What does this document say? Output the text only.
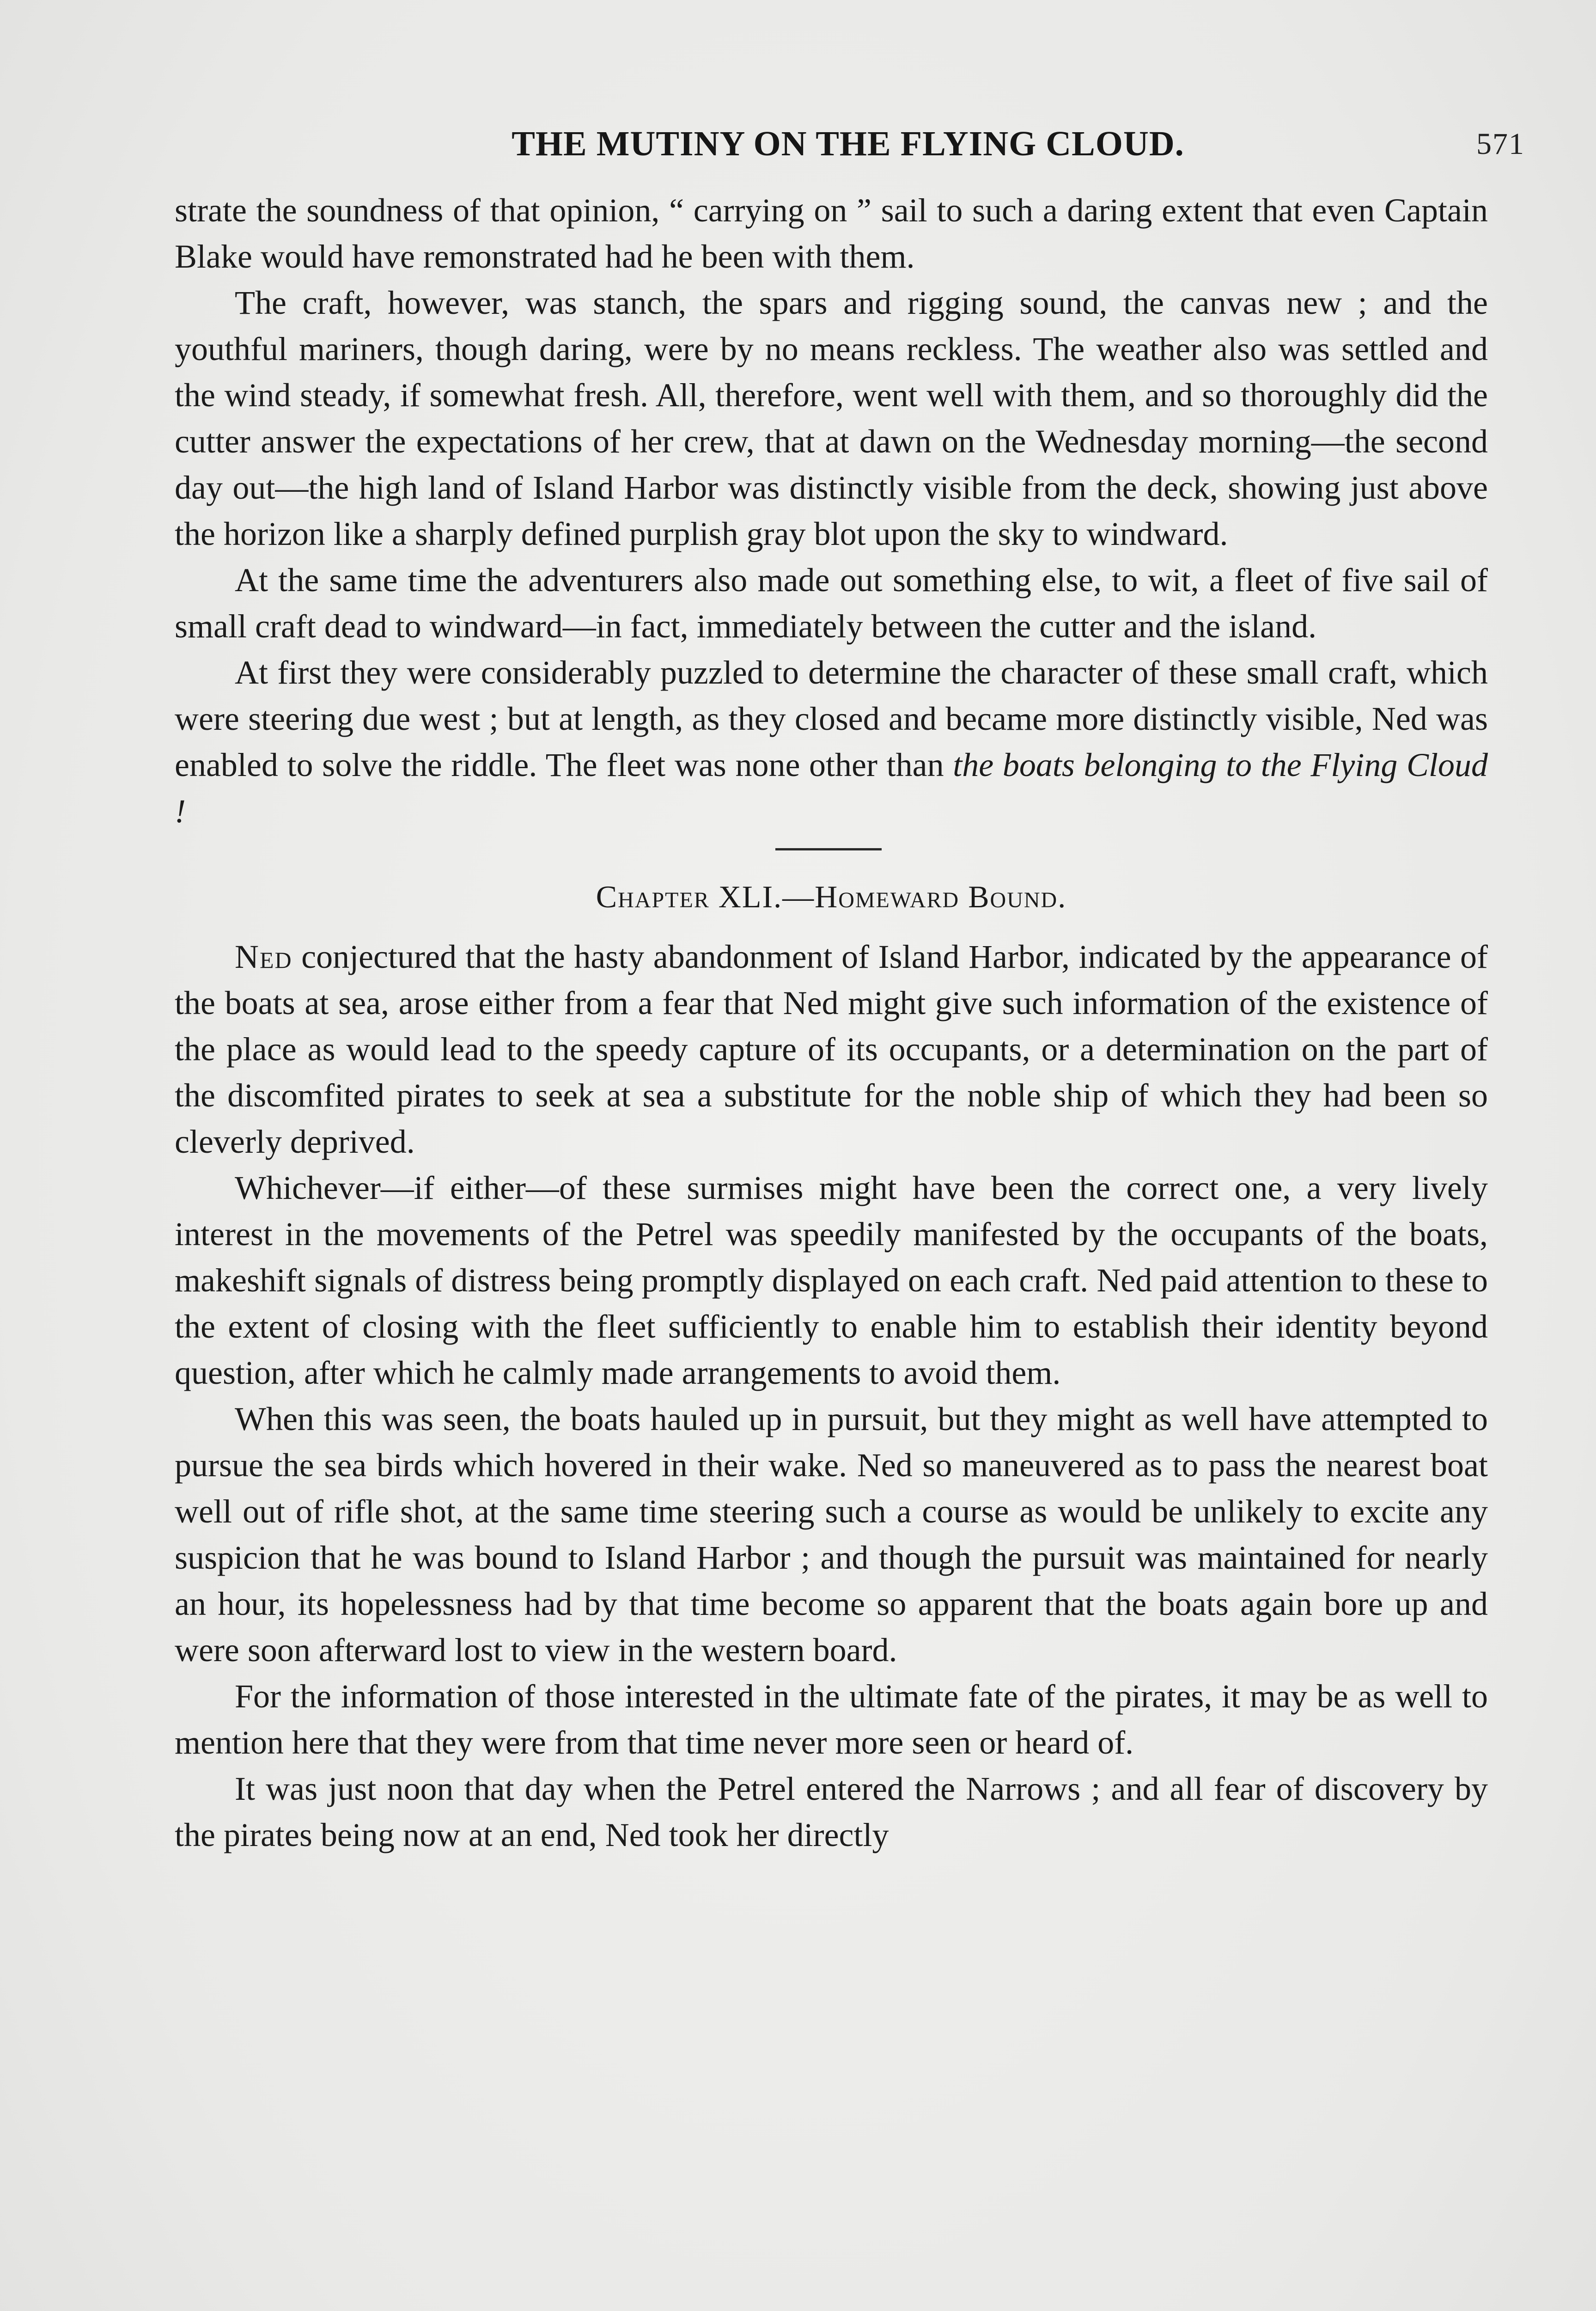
THE MUTINY ON THE FLYING CLOUD.	571

strate the soundness of that opinion, “ carrying on ” sail to such a daring extent that even Captain Blake would have remonstrated had he been with them.

The craft, however, was stanch, the spars and rigging sound, the canvas new ; and the youthful mariners, though daring, were by no means reckless. The weather also was settled and the wind steady, if somewhat fresh. All, therefore, went well with them, and so thoroughly did the cutter answer the expectations of her crew, that at dawn on the Wednesday morning—the second day out—the high land of Island Harbor was distinctly visible from the deck, showing just above the horizon like a sharply defined purplish gray blot upon the sky to windward.

At the same time the adventurers also made out something else, to wit, a fleet of five sail of small craft dead to windward—in fact, immediately between the cutter and the island.

At first they were considerably puzzled to determine the character of these small craft, which were steering due west ; but at length, as they closed and became more distinctly visible, Ned was enabled to solve the riddle. The fleet was none other than the boats belonging to the Flying Cloud !

Chapter XLI.—Homeward Bound.

Ned conjectured that the hasty abandonment of Island Harbor, indicated by the appearance of the boats at sea, arose either from a fear that Ned might give such information of the existence of the place as would lead to the speedy capture of its occupants, or a determination on the part of the discomfited pirates to seek at sea a substitute for the noble ship of which they had been so cleverly deprived.

Whichever—if either—of these surmises might have been the correct one, a very lively interest in the movements of the Petrel was speedily manifested by the occupants of the boats, makeshift signals of distress being promptly displayed on each craft. Ned paid attention to these to the extent of closing with the fleet sufficiently to enable him to establish their identity beyond question, after which he calmly made arrangements to avoid them.

When this was seen, the boats hauled up in pursuit, but they might as well have attempted to pursue the sea birds which hovered in their wake. Ned so maneuvered as to pass the nearest boat well out of rifle shot, at the same time steering such a course as would be unlikely to excite any suspicion that he was bound to Island Harbor ; and though the pursuit was maintained for nearly an hour, its hopelessness had by that time become so apparent that the boats again bore up and were soon afterward lost to view in the western board.

For the information of those interested in the ultimate fate of the pirates, it may be as well to mention here that they were from that time never more seen or heard of.

It was just noon that day when the Petrel entered the Narrows ; and all fear of discovery by the pirates being now at an end, Ned took her directly
